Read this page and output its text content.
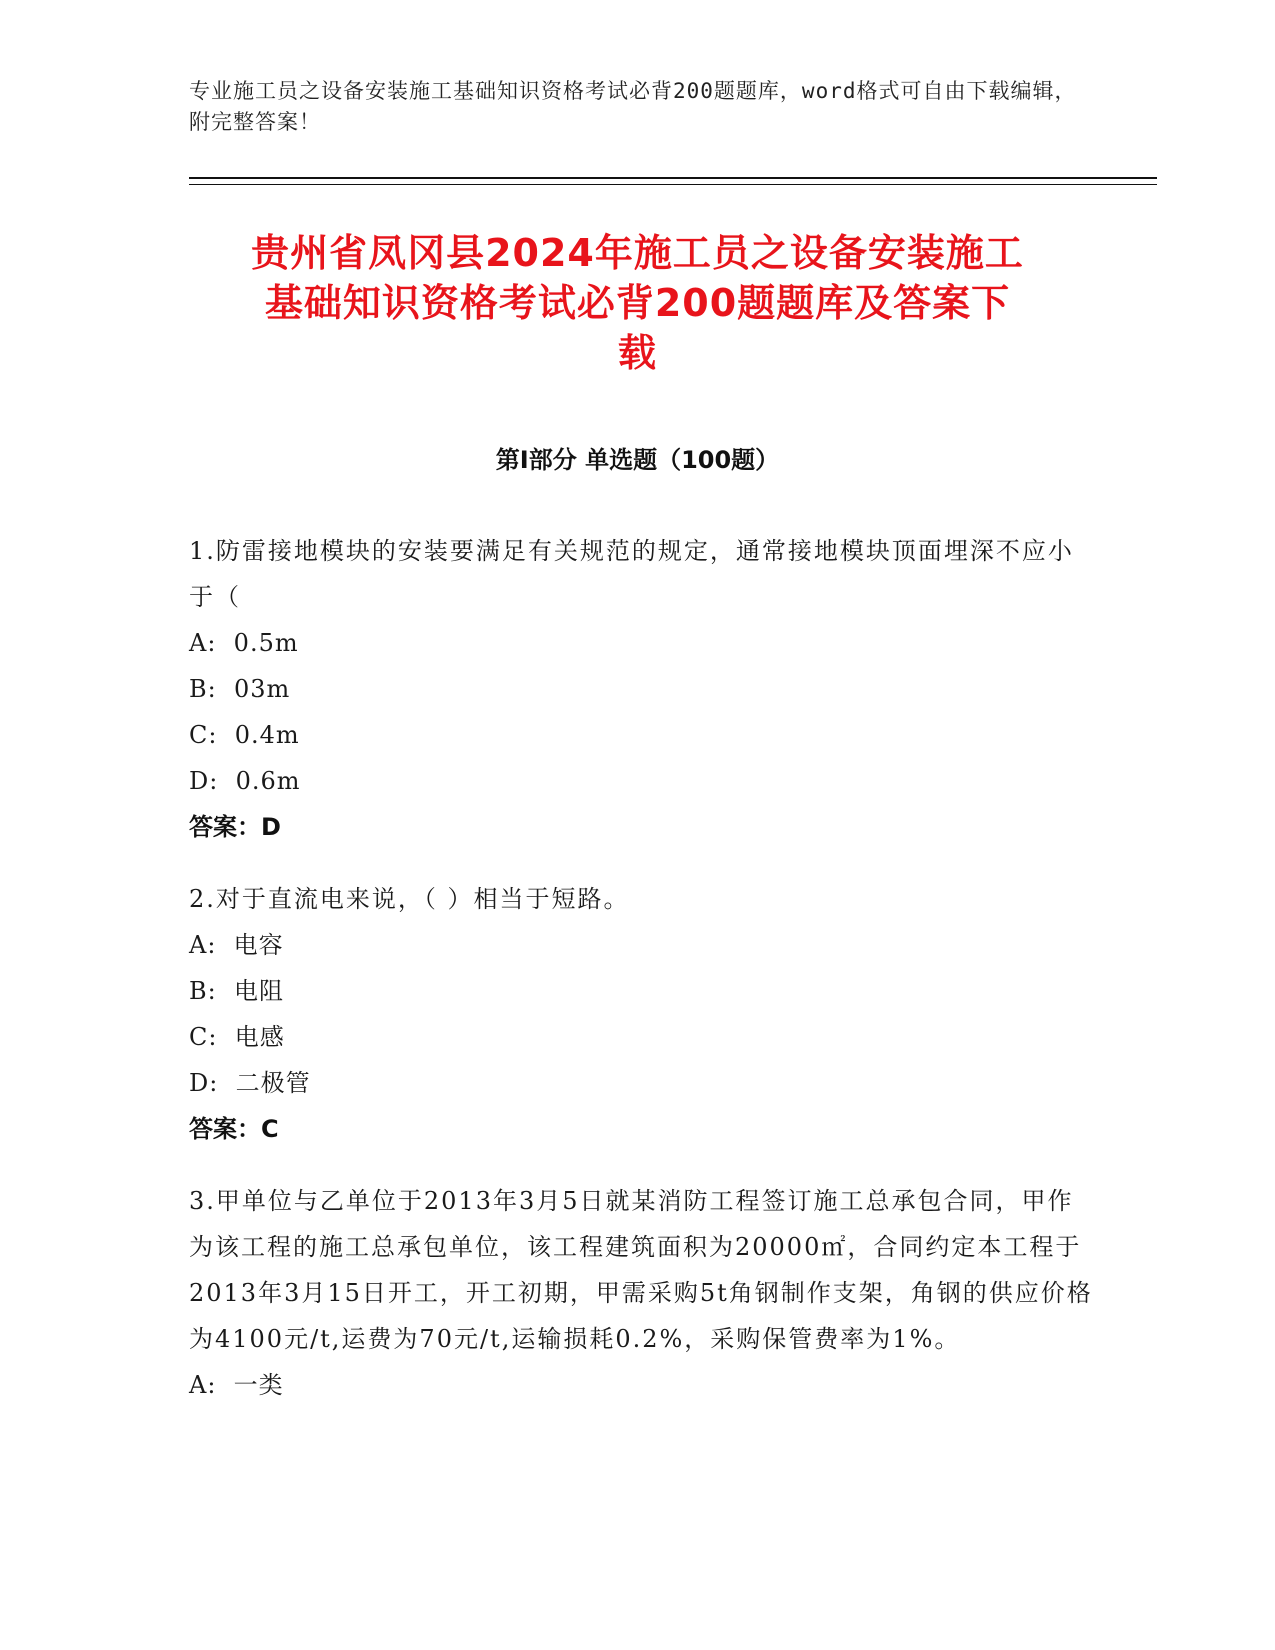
专业施工员之设备安装施工基础知识资格考试必背200题题库，word格式可自由下载编辑，附完整答案！
贵州省凤冈县2024年施工员之设备安装施工
基础知识资格考试必背200题题库及答案下
载
第Ⅰ部分 单选题（100题）
1.防雷接地模块的安装要满足有关规范的规定，通常接地模块顶面埋深不应小于（
A:  0.5m
B:  03m
C:  0.4m
D:  0.6m
答案：D
2.对于直流电来说，（ ）相当于短路。
A:  电容
B:  电阻
C:  电感
D:  二极管
答案：C
3.甲单位与乙单位于2013年3月5日就某消防工程签订施工总承包合同，甲作为该工程的施工总承包单位，该工程建筑面积为20000㎡，合同约定本工程于2013年3月15日开工，开工初期，甲需采购5t角钢制作支架，角钢的供应价格为4100元/t,运费为70元/t,运输损耗0.2%，采购保管费率为1%。
A:  一类
